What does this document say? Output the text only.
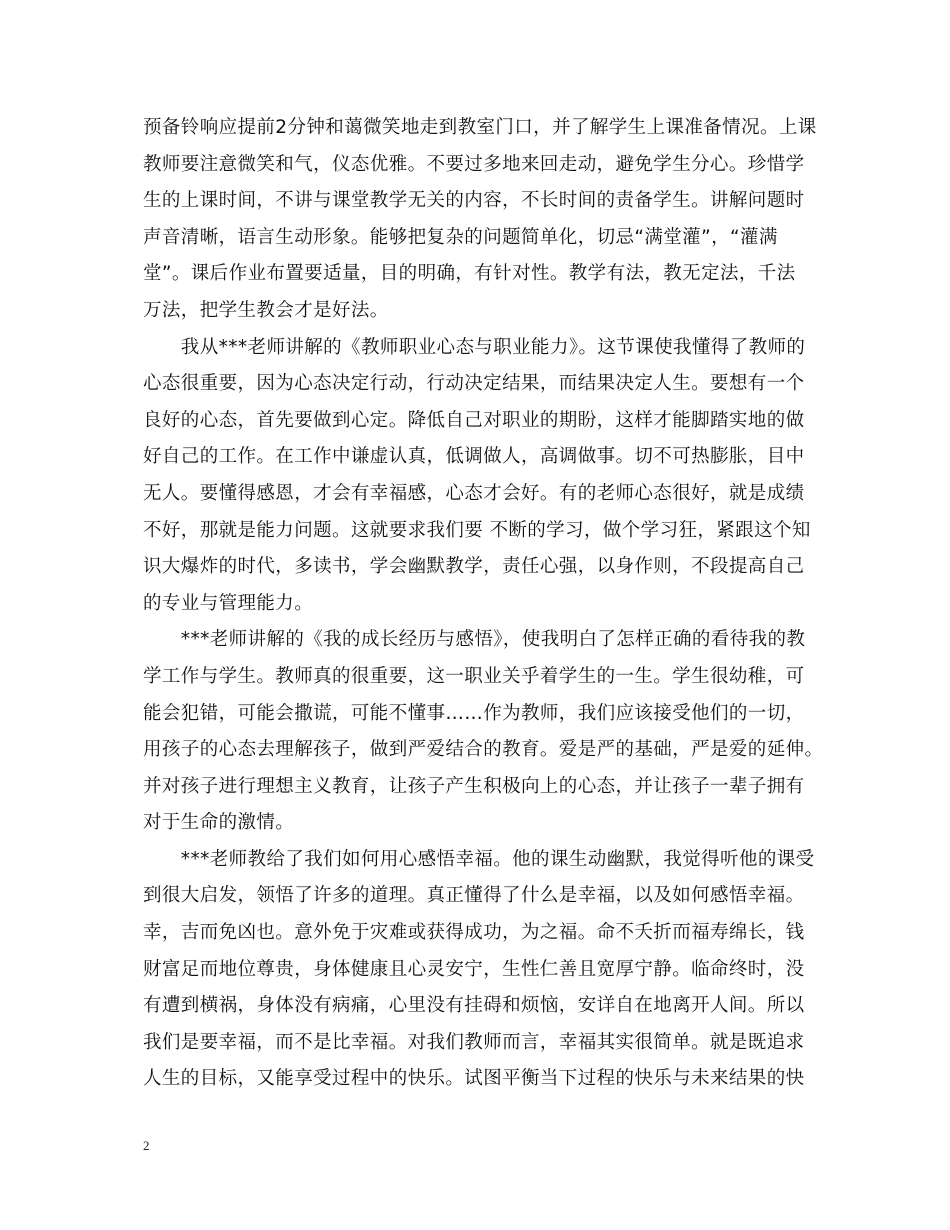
预备铃响应提前2分钟和蔼微笑地走到教室门口，并了解学生上课准备情况。上课
教师要注意微笑和气，仪态优雅。不要过多地来回走动，避免学生分心。珍惜学
生的上课时间，不讲与课堂教学无关的内容，不长时间的责备学生。讲解问题时
声音清晰，语言生动形象。能够把复杂的问题简单化，切忌“满堂灌”，“灌满
堂”。课后作业布置要适量，目的明确，有针对性。教学有法，教无定法，千法
万法，把学生教会才是好法。
　　我从***老师讲解的《教师职业心态与职业能力》。这节课使我懂得了教师的
心态很重要，因为心态决定行动，行动决定结果，而结果决定人生。要想有一个
良好的心态，首先要做到心定。降低自己对职业的期盼，这样才能脚踏实地的做
好自己的工作。在工作中谦虚认真，低调做人，高调做事。切不可热膨胀，目中
无人。要懂得感恩，才会有幸福感，心态才会好。有的老师心态很好，就是成绩
不好，那就是能力问题。这就要求我们要 不断的学习，做个学习狂，紧跟这个知
识大爆炸的时代，多读书，学会幽默教学，责任心强，以身作则，不段提高自己
的专业与管理能力。
　　***老师讲解的《我的成长经历与感悟》，使我明白了怎样正确的看待我的教
学工作与学生。教师真的很重要，这一职业关乎着学生的一生。学生很幼稚，可
能会犯错，可能会撒谎，可能不懂事……作为教师，我们应该接受他们的一切，
用孩子的心态去理解孩子，做到严爱结合的教育。爱是严的基础，严是爱的延伸。
并对孩子进行理想主义教育，让孩子产生积极向上的心态，并让孩子一辈子拥有
对于生命的激情。
　　***老师教给了我们如何用心感悟幸福。他的课生动幽默，我觉得听他的课受
到很大启发，领悟了许多的道理。真正懂得了什么是幸福，以及如何感悟幸福。
幸，吉而免凶也。意外免于灾难或获得成功，为之福。命不夭折而福寿绵长，钱
财富足而地位尊贵，身体健康且心灵安宁，生性仁善且宽厚宁静。临命终时，没
有遭到横祸，身体没有病痛，心里没有挂碍和烦恼，安详自在地离开人间。所以
我们是要幸福，而不是比幸福。对我们教师而言，幸福其实很简单。就是既追求
人生的目标，又能享受过程中的快乐。试图平衡当下过程的快乐与未来结果的快
2
